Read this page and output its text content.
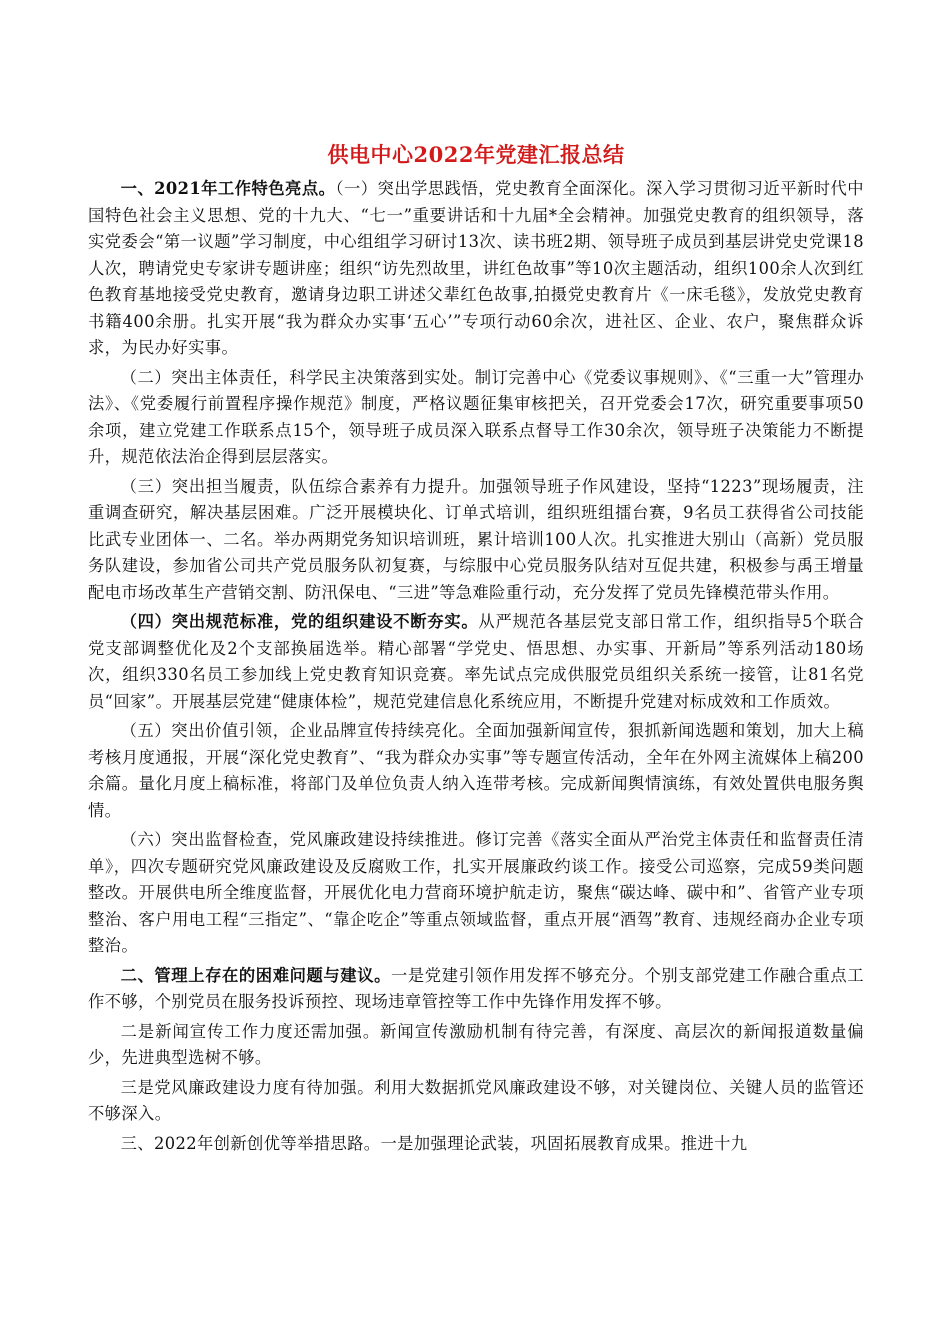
供电中心2022年党建汇报总结

一、2021年工作特色亮点。（一）突出学思践悟，党史教育全面深化。深入学习贯彻习近平新时代中国特色社会主义思想、党的十九大、“七一”重要讲话和十九届*全会精神。加强党史教育的组织领导，落实党委会“第一议题”学习制度，中心组组学习研讨13次、读书班2期、领导班子成员到基层讲党史党课18人次，聘请党史专家讲专题讲座；组织“访先烈故里，讲红色故事”等10次主题活动，组织100余人次到红色教育基地接受党史教育，邀请身边职工讲述父辈红色故事,拍摄党史教育片《一床毛毯》，发放党史教育书籍400余册。扎实开展“我为群众办实事‘五心’”专项行动60余次，进社区、企业、农户，聚焦群众诉求，为民办好实事。

（二）突出主体责任，科学民主决策落到实处。制订完善中心《党委议事规则》、《“三重一大”管理办法》、《党委履行前置程序操作规范》制度，严格议题征集审核把关，召开党委会17次，研究重要事项50余项，建立党建工作联系点15个，领导班子成员深入联系点督导工作30余次，领导班子决策能力不断提升，规范依法治企得到层层落实。

（三）突出担当履责，队伍综合素养有力提升。加强领导班子作风建设，坚持“1223”现场履责，注重调查研究，解决基层困难。广泛开展模块化、订单式培训，组织班组擂台赛，9名员工获得省公司技能比武专业团体一、二名。举办两期党务知识培训班，累计培训100人次。扎实推进大别山（高新）党员服务队建设，参加省公司共产党员服务队初复赛，与综服中心党员服务队结对互促共建，积极参与禹王增量配电市场改革生产营销交割、防汛保电、“三进”等急难险重行动，充分发挥了党员先锋模范带头作用。

（四）突出规范标准，党的组织建设不断夯实。从严规范各基层党支部日常工作，组织指导5个联合党支部调整优化及2个支部换届选举。精心部署“学党史、悟思想、办实事、开新局”等系列活动180场次，组织330名员工参加线上党史教育知识竞赛。率先试点完成供服党员组织关系统一接管，让81名党员“回家”。开展基层党建“健康体检”，规范党建信息化系统应用，不断提升党建对标成效和工作质效。

（五）突出价值引领，企业品牌宣传持续亮化。全面加强新闻宣传，狠抓新闻选题和策划，加大上稿考核月度通报，开展“深化党史教育”、“我为群众办实事”等专题宣传活动，全年在外网主流媒体上稿200余篇。量化月度上稿标准，将部门及单位负责人纳入连带考核。完成新闻舆情演练，有效处置供电服务舆情。

（六）突出监督检查，党风廉政建设持续推进。修订完善《落实全面从严治党主体责任和监督责任清单》，四次专题研究党风廉政建设及反腐败工作，扎实开展廉政约谈工作。接受公司巡察，完成59类问题整改。开展供电所全维度监督，开展优化电力营商环境护航走访，聚焦“碳达峰、碳中和”、省管产业专项整治、客户用电工程“三指定”、“靠企吃企”等重点领域监督，重点开展“酒驾”教育、违规经商办企业专项整治。

二、管理上存在的困难问题与建议。一是党建引领作用发挥不够充分。个别支部党建工作融合重点工作不够，个别党员在服务投诉预控、现场违章管控等工作中先锋作用发挥不够。

二是新闻宣传工作力度还需加强。新闻宣传激励机制有待完善，有深度、高层次的新闻报道数量偏少，先进典型选树不够。

三是党风廉政建设力度有待加强。利用大数据抓党风廉政建设不够，对关键岗位、关键人员的监管还不够深入。

三、2022年创新创优等举措思路。一是加强理论武装，巩固拓展教育成果。推进十九
